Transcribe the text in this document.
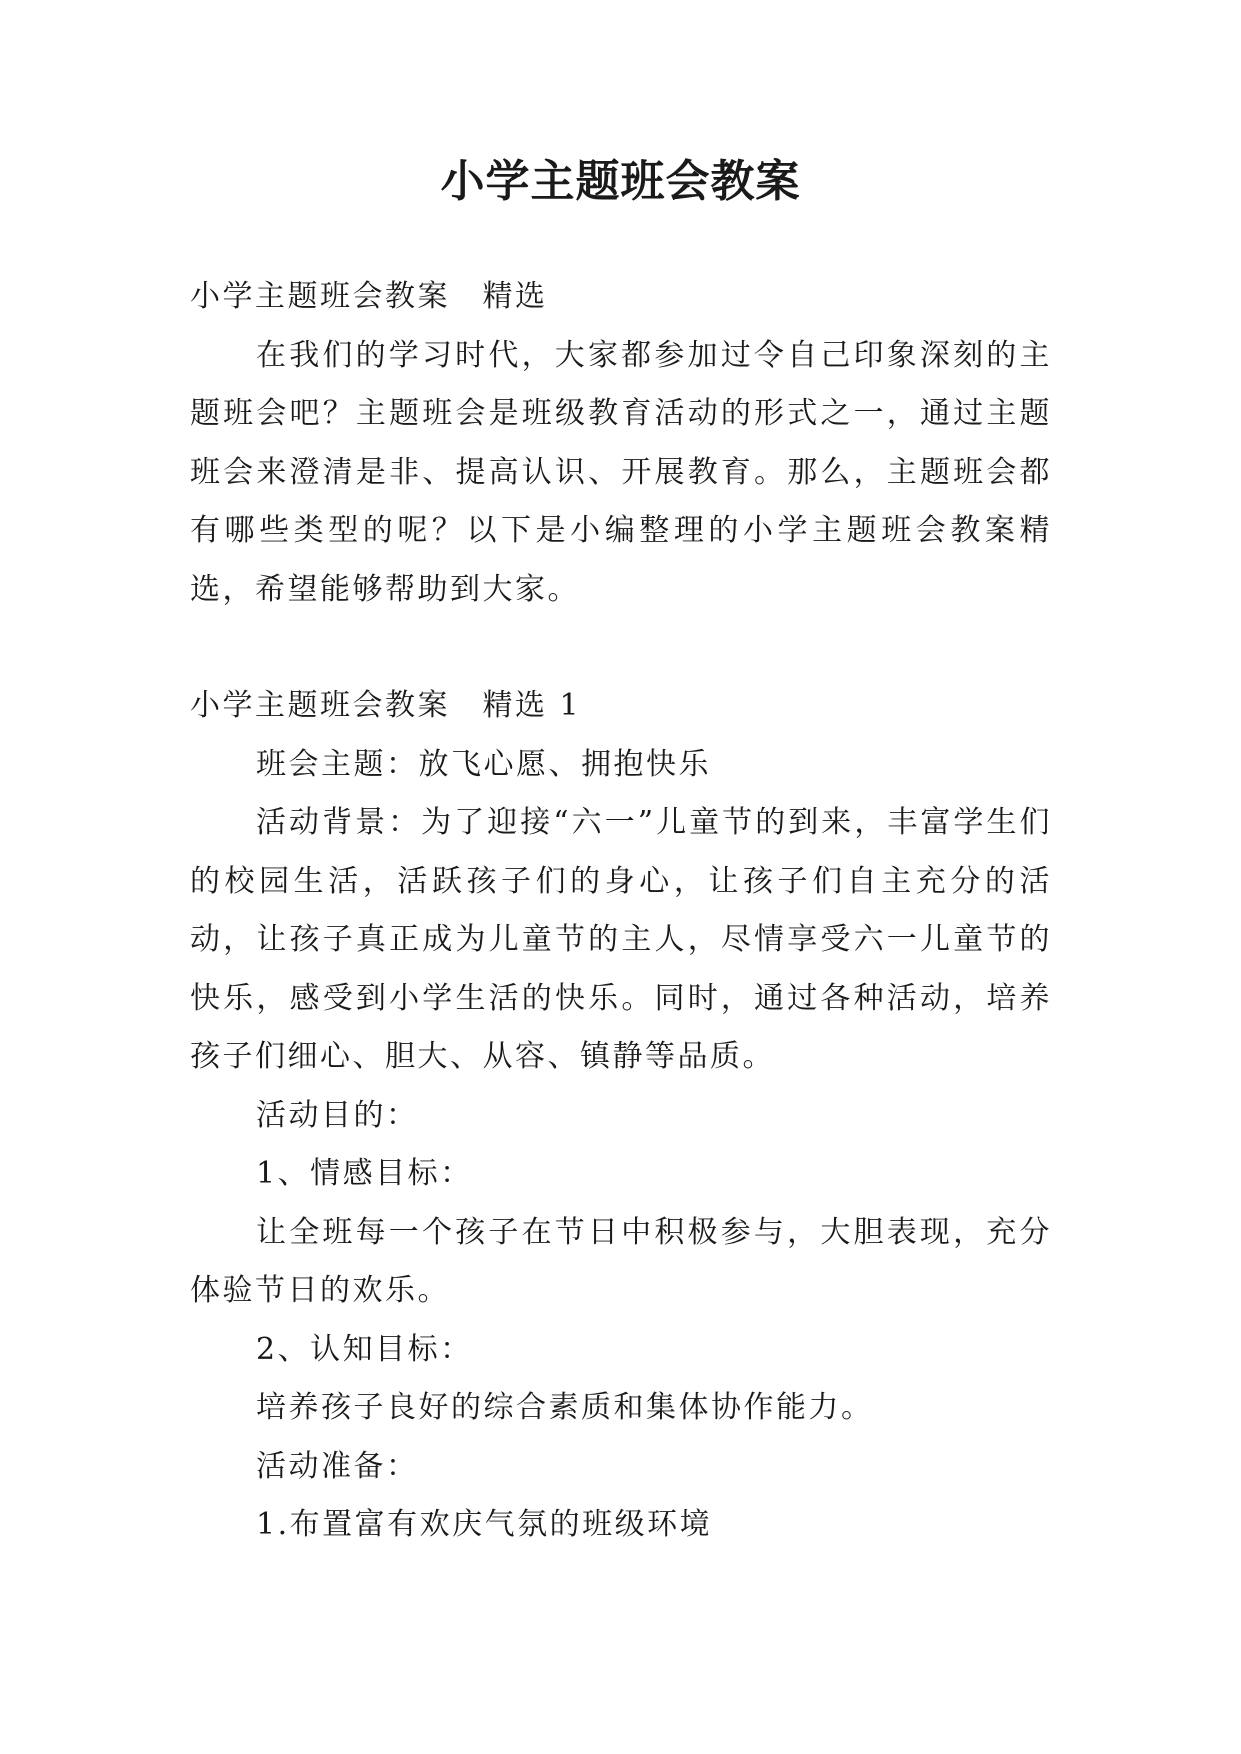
小学主题班会教案

小学主题班会教案　精选

在我们的学习时代，大家都参加过令自己印象深刻的主题班会吧？主题班会是班级教育活动的形式之一，通过主题班会来澄清是非、提高认识、开展教育。那么，主题班会都有哪些类型的呢？以下是小编整理的小学主题班会教案精选，希望能够帮助到大家。

小学主题班会教案　精选 1

班会主题：放飞心愿、拥抱快乐

活动背景：为了迎接“六一”儿童节的到来，丰富学生们的校园生活，活跃孩子们的身心，让孩子们自主充分的活动，让孩子真正成为儿童节的主人，尽情享受六一儿童节的快乐，感受到小学生活的快乐。同时，通过各种活动，培养孩子们细心、胆大、从容、镇静等品质。

活动目的：

1、情感目标：

让全班每一个孩子在节日中积极参与，大胆表现，充分体验节日的欢乐。

2、认知目标：

培养孩子良好的综合素质和集体协作能力。

活动准备：

1.布置富有欢庆气氛的班级环境
